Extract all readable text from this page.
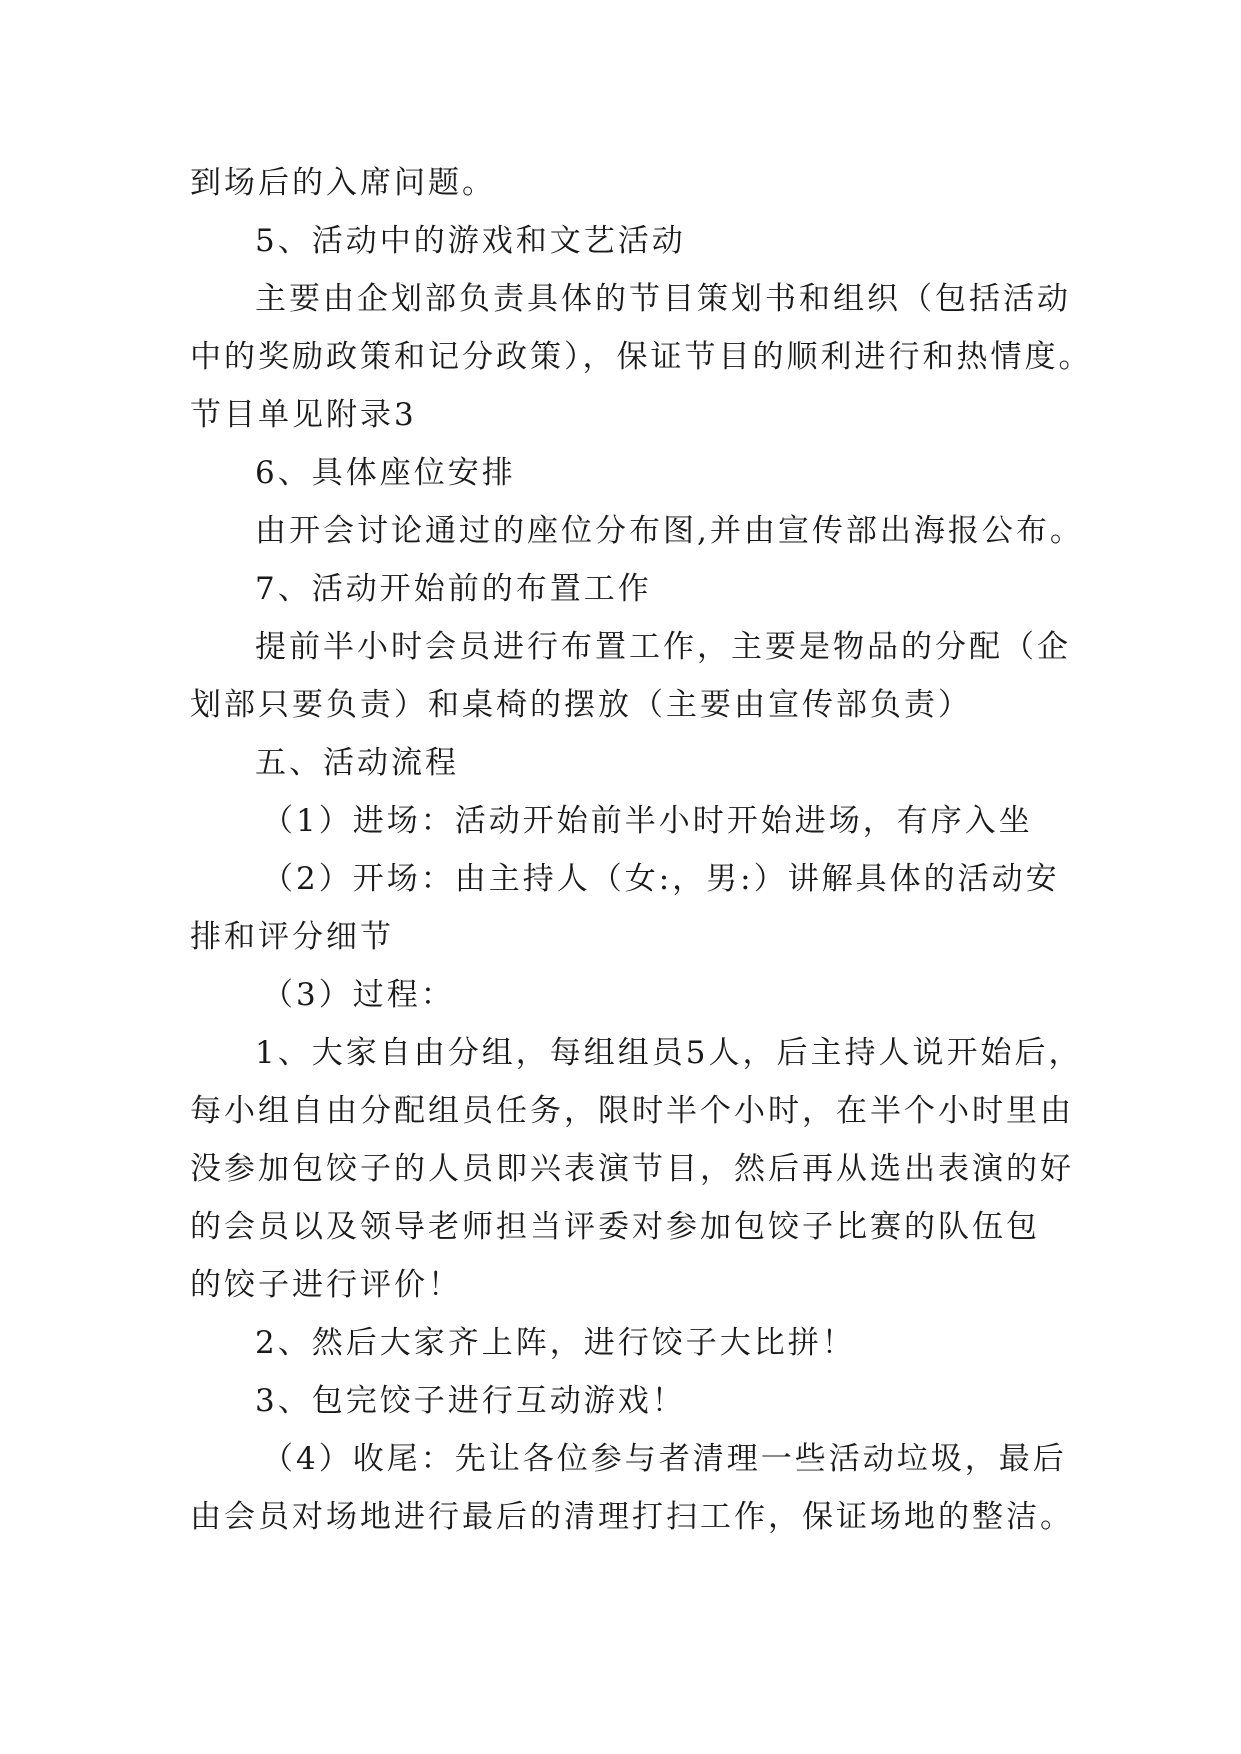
到场后的入席问题。
5、活动中的游戏和文艺活动
主要由企划部负责具体的节目策划书和组织（包括活动
中的奖励政策和记分政策），保证节目的顺利进行和热情度。
节目单见附录3
6、具体座位安排
由开会讨论通过的座位分布图,并由宣传部出海报公布。
7、活动开始前的布置工作
提前半小时会员进行布置工作，主要是物品的分配（企
划部只要负责）和桌椅的摆放（主要由宣传部负责）
五、活动流程
（1）进场：活动开始前半小时开始进场，有序入坐
（2）开场：由主持人（女:，男:）讲解具体的活动安
排和评分细节
（3）过程：
1、大家自由分组，每组组员5人，后主持人说开始后，
每小组自由分配组员任务，限时半个小时，在半个小时里由
没参加包饺子的人员即兴表演节目，然后再从选出表演的好
的会员以及领导老师担当评委对参加包饺子比赛的队伍包
的饺子进行评价！
2、然后大家齐上阵，进行饺子大比拼！
3、包完饺子进行互动游戏！
（4）收尾：先让各位参与者清理一些活动垃圾，最后
由会员对场地进行最后的清理打扫工作，保证场地的整洁。
